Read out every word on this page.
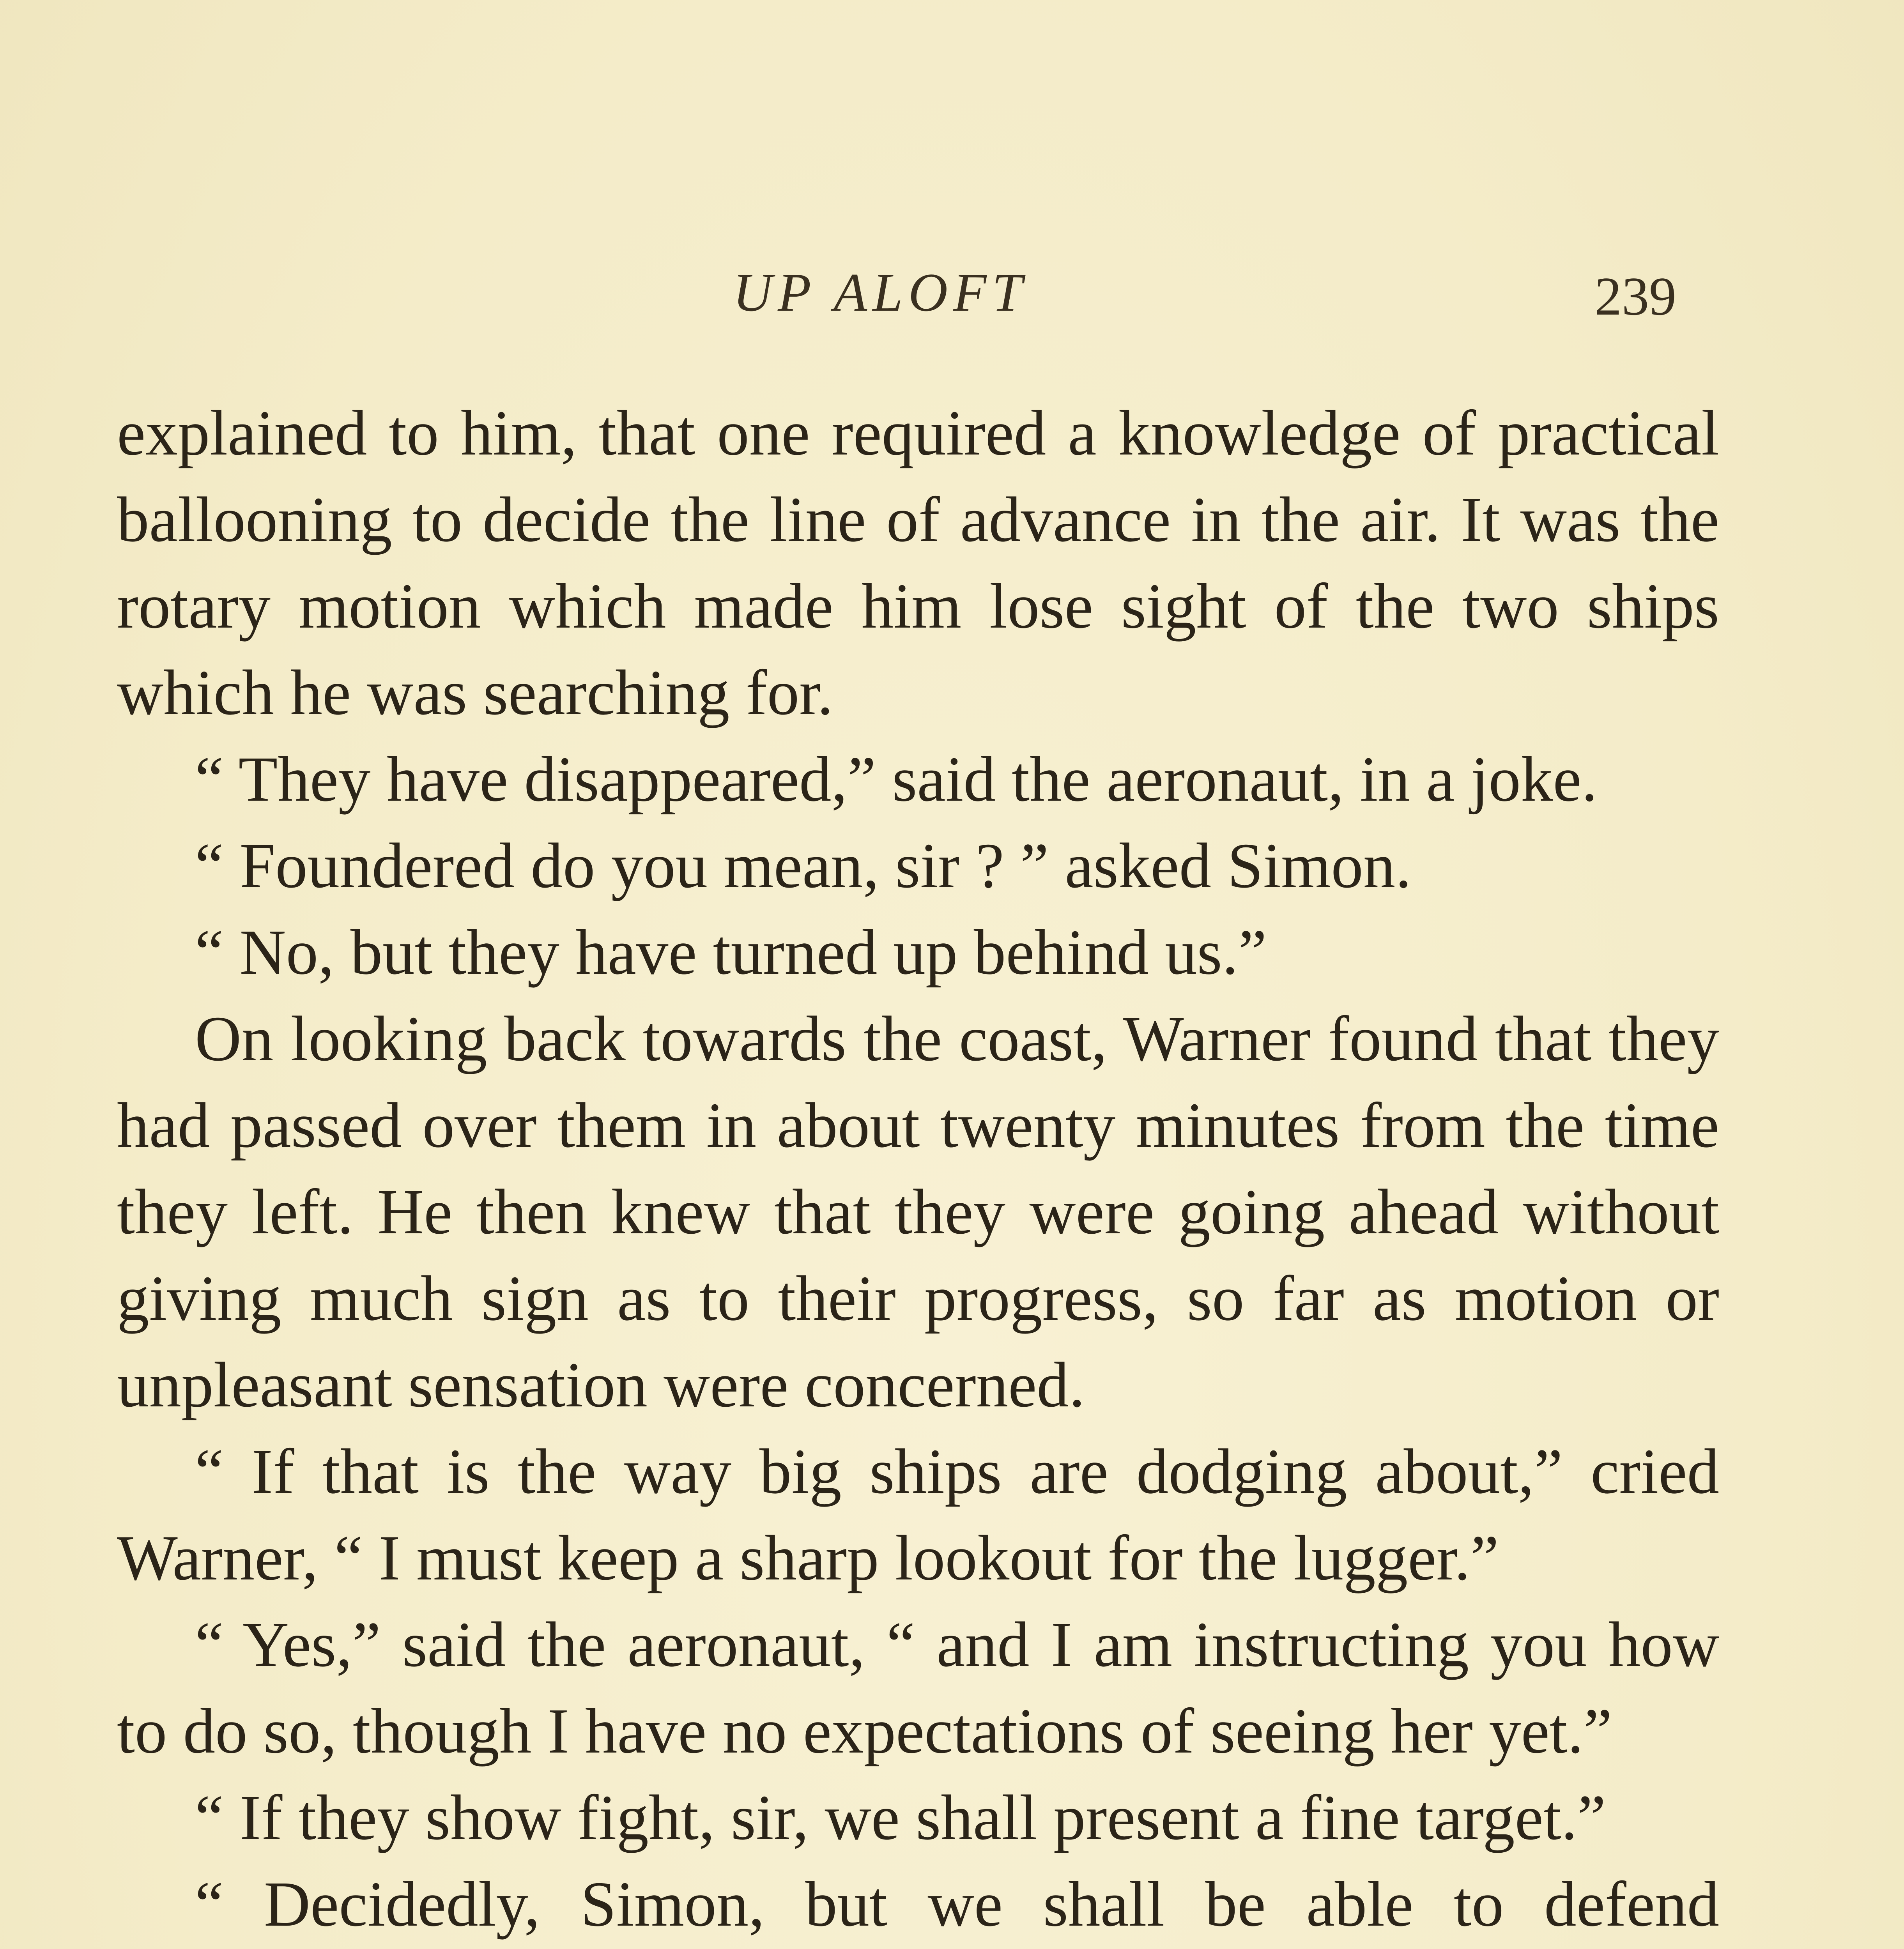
UP ALOFT	239

explained to him, that one required a knowledge of practical ballooning to decide the line of advance in the air. It was the rotary motion which made him lose sight of the two ships which he was searching for.

“ They have disappeared,” said the aeronaut, in a joke.

“ Foundered do you mean, sir ? ” asked Simon.

“ No, but they have turned up behind us.”

On looking back towards the coast, Warner found that they had passed over them in about twenty minutes from the time they left. He then knew that they were going ahead without giving much sign as to their progress, so far as motion or unpleasant sensation were concerned.

“ If that is the way big ships are dodging about,” cried Warner, “ I must keep a sharp lookout for the lugger.”

“ Yes,” said the aeronaut, “ and I am instructing you how to do so, though I have no expectations of seeing her yet.”

“ If they show fight, sir, we shall present a fine target.”

“ Decidedly, Simon, but we shall be able to defend
